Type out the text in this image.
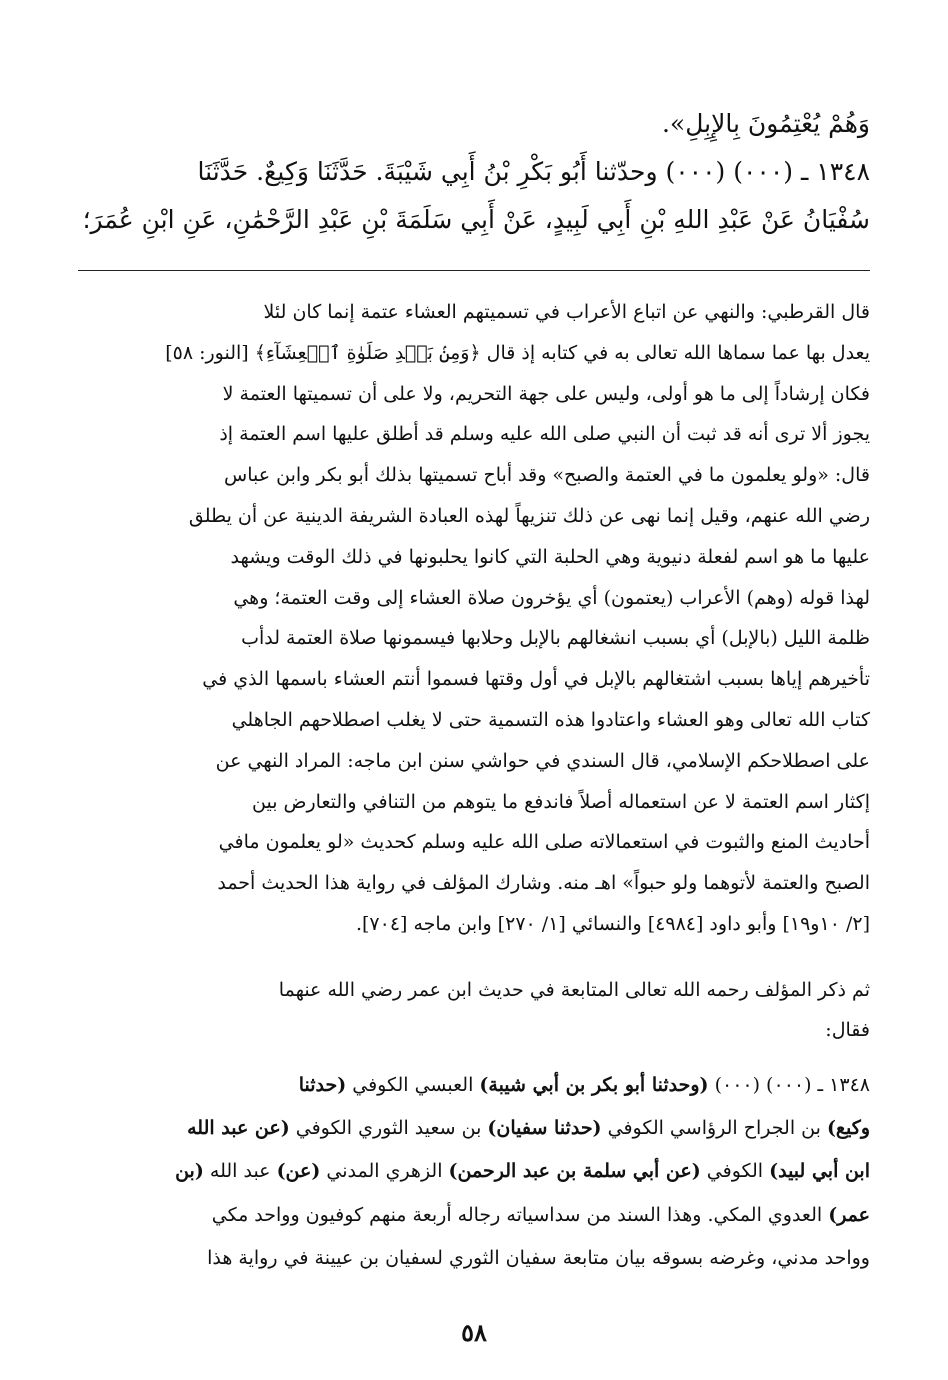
وَهُمْ يُعْتِمُونَ بِالإِبِلِ».

١٣٤٨ ـ (٠٠٠) (٠٠٠) وحدّثنا أَبُو بَكْرِ بْنُ أَبِي شَيْبَةَ. حَدَّثَنَا وَكِيعٌ. حَدَّثَنَا

سُفْيَانُ عَنْ عَبْدِ اللهِ بْنِ أَبِي لَبِيدٍ، عَنْ أَبِي سَلَمَةَ بْنِ عَبْدِ الرَّحْمَٰنِ، عَنِ ابْنِ عُمَرَ؛

قال القرطبي: والنهي عن اتباع الأعراب في تسميتهم العشاء عتمة إنما كان لئلا

يعدل بها عما سماها الله تعالى به في كتابه إذ قال ﴿وَمِنۢ بَعۡدِ صَلَوٰةِ ٱلۡعِشَآءِ﴾ [النور: ٥٨]

فكان إرشاداً إلى ما هو أولى، وليس على جهة التحريم، ولا على أن تسميتها العتمة لا

يجوز ألا ترى أنه قد ثبت أن النبي صلى الله عليه وسلم قد أطلق عليها اسم العتمة إذ

قال: «ولو يعلمون ما في العتمة والصبح» وقد أباح تسميتها بذلك أبو بكر وابن عباس

رضي الله عنهم، وقيل إنما نهى عن ذلك تنزيهاً لهذه العبادة الشريفة الدينية عن أن يطلق

عليها ما هو اسم لفعلة دنيوية وهي الحلبة التي كانوا يحلبونها في ذلك الوقت ويشهد

لهذا قوله (وهم) الأعراب (يعتمون) أي يؤخرون صلاة العشاء إلى وقت العتمة؛ وهي

ظلمة الليل (بالإبل) أي بسبب انشغالهم بالإبل وحلابها فيسمونها صلاة العتمة لدأب

تأخيرهم إياها بسبب اشتغالهم بالإبل في أول وقتها فسموا أنتم العشاء باسمها الذي في

كتاب الله تعالى وهو العشاء واعتادوا هذه التسمية حتى لا يغلب اصطلاحهم الجاهلي

على اصطلاحكم الإسلامي، قال السندي في حواشي سنن ابن ماجه: المراد النهي عن

إكثار اسم العتمة لا عن استعماله أصلاً فاندفع ما يتوهم من التنافي والتعارض بين

أحاديث المنع والثبوت في استعمالاته صلى الله عليه وسلم كحديث «لو يعلمون مافي

الصبح والعتمة لأتوهما ولو حبواً» اهـ منه. وشارك المؤلف في رواية هذا الحديث أحمد

[٢/ ١٠و١٩] وأبو داود [٤٩٨٤] والنسائي [١/ ٢٧٠] وابن ماجه [٧٠٤].

ثم ذكر المؤلف رحمه الله تعالى المتابعة في حديث ابن عمر رضي الله عنهما

فقال:

١٣٤٨ ـ (٠٠٠) (٠٠٠) (وحدثنا أبو بكر بن أبي شيبة) العبسي الكوفي (حدثنا

وكيع) بن الجراح الرؤاسي الكوفي (حدثنا سفيان) بن سعيد الثوري الكوفي (عن عبد الله

ابن أبي لبيد) الكوفي (عن أبي سلمة بن عبد الرحمن) الزهري المدني (عن) عبد الله (بن

عمر) العدوي المكي. وهذا السند من سداسياته رجاله أربعة منهم كوفيون وواحد مكي

وواحد مدني، وغرضه بسوقه بيان متابعة سفيان الثوري لسفيان بن عيينة في رواية هذا

٥٨
